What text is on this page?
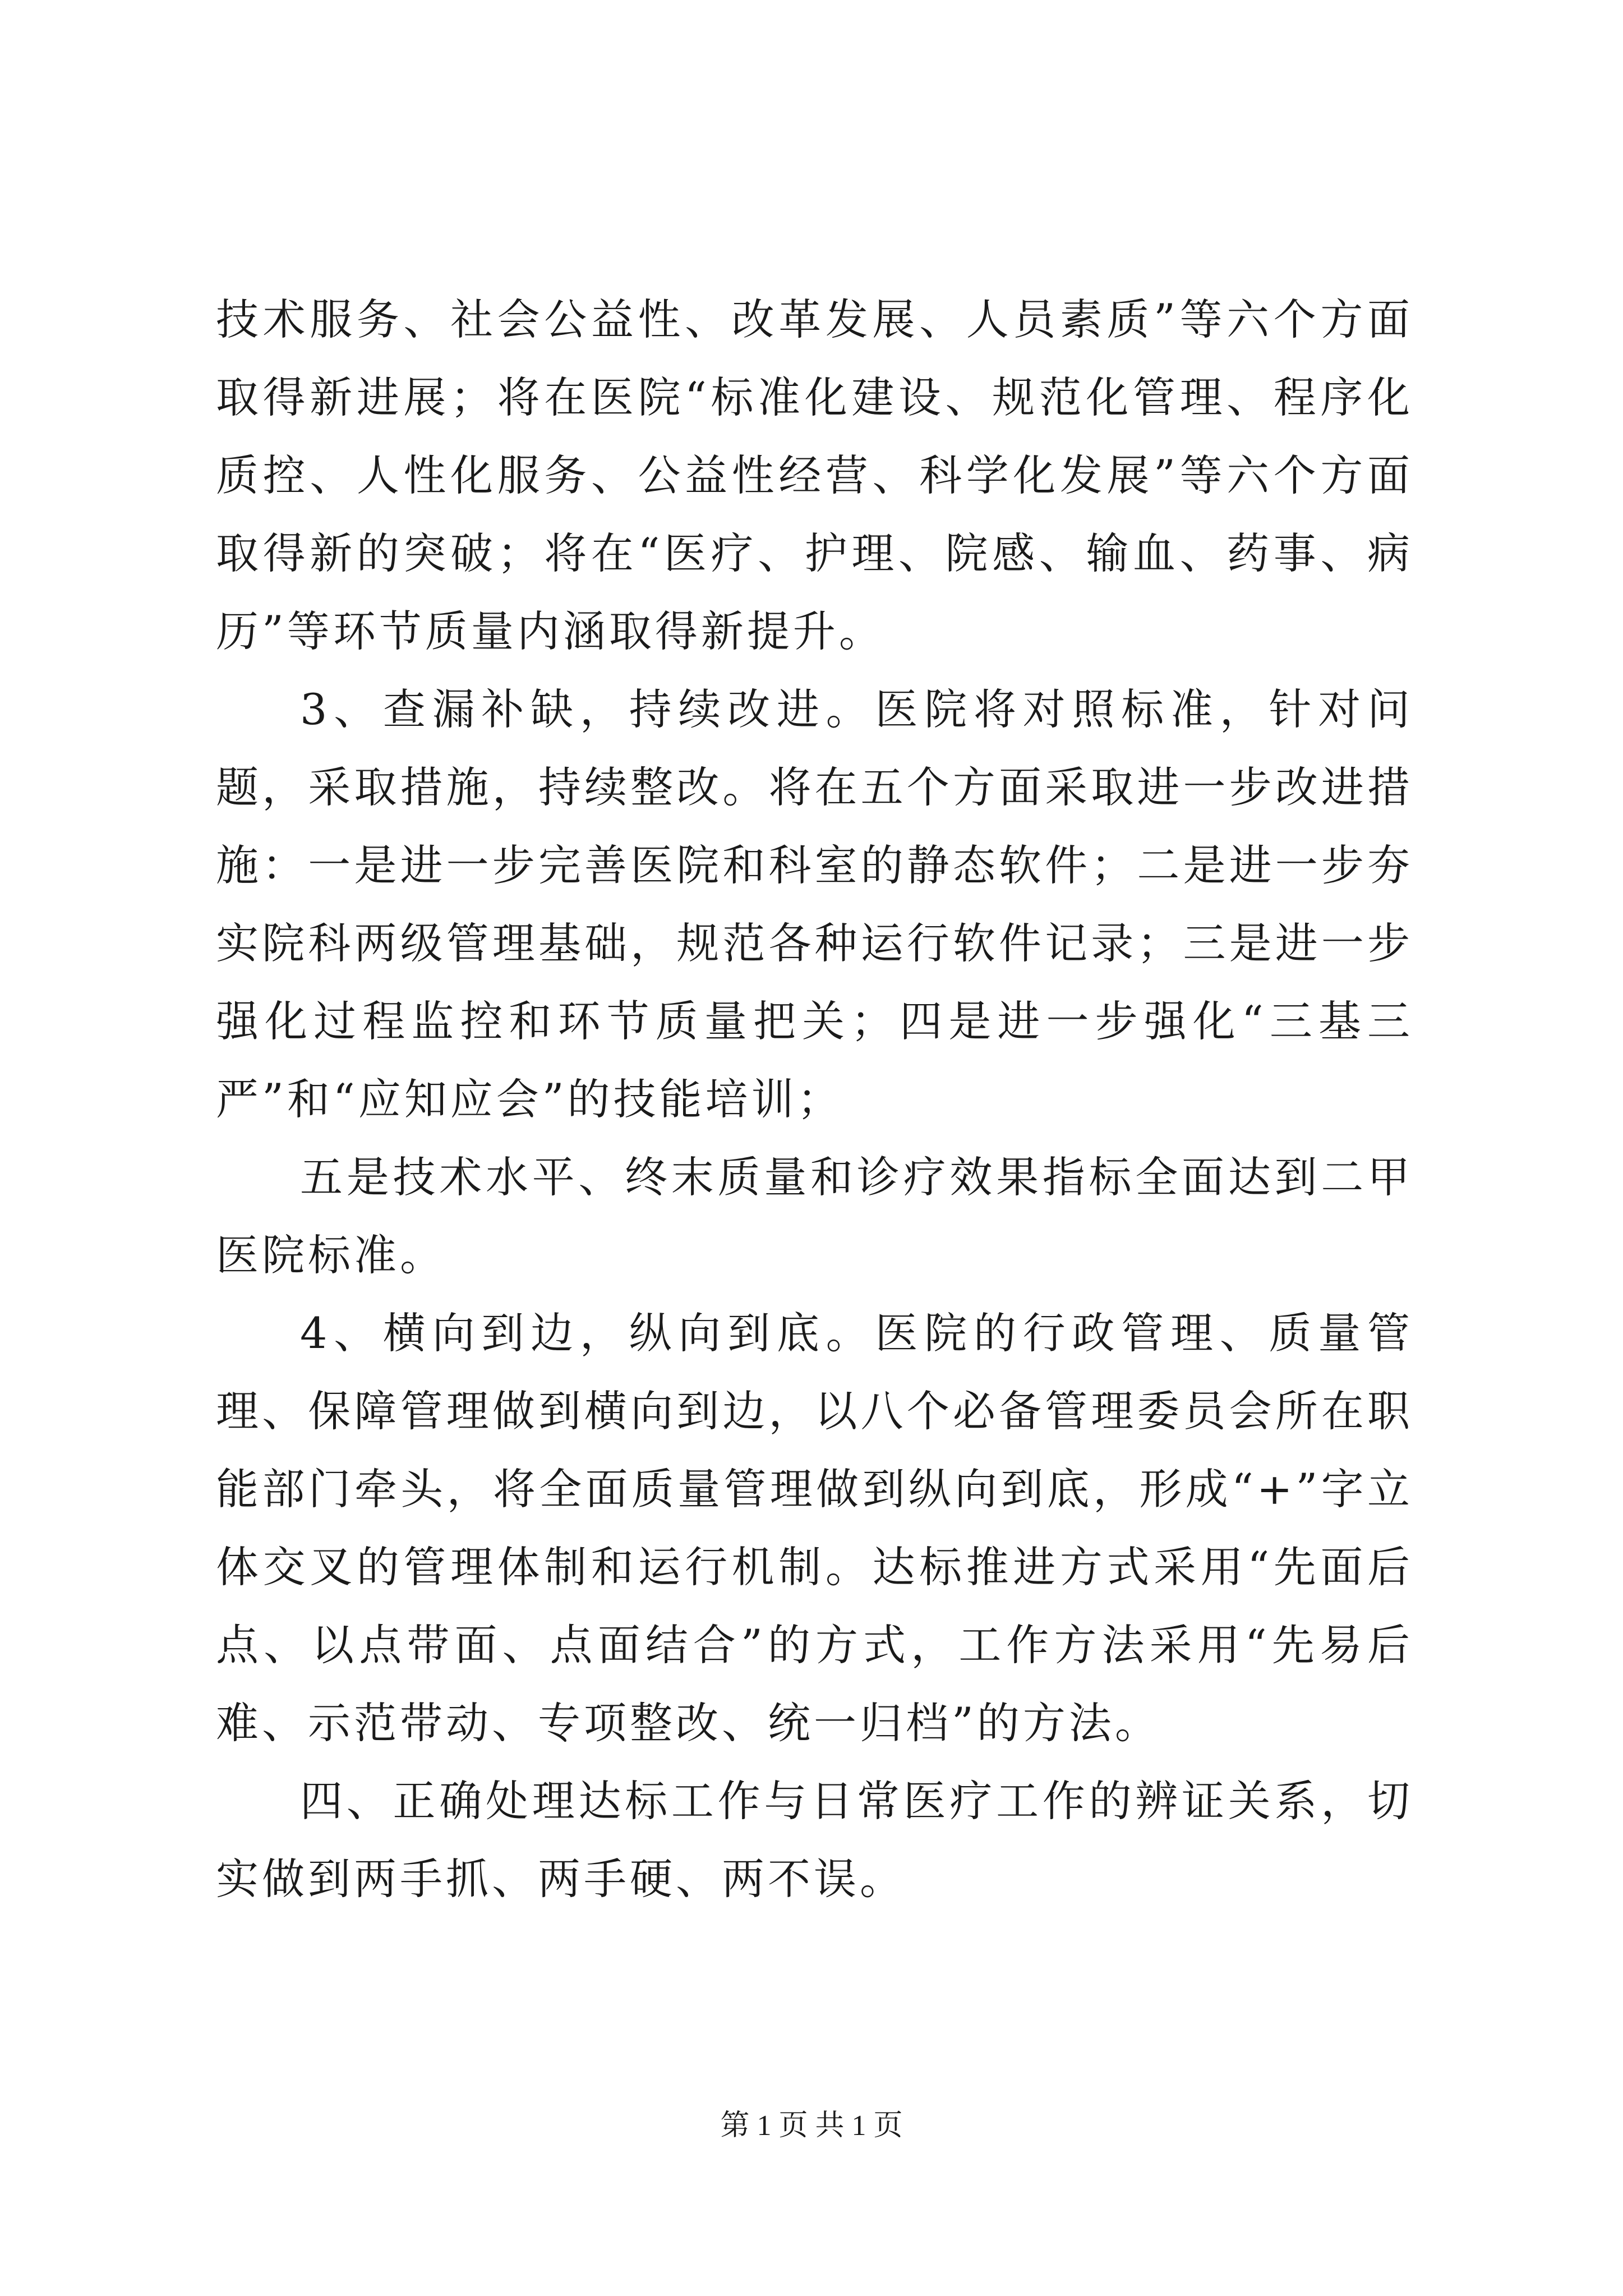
技术服务、社会公益性、改革发展、人员素质”等六个方面取得新进展；将在医院“标准化建设、规范化管理、程序化质控、人性化服务、公益性经营、科学化发展”等六个方面取得新的突破；将在“医疗、护理、院感、输血、药事、病历”等环节质量内涵取得新提升。

3、查漏补缺，持续改进。医院将对照标准，针对问题，采取措施，持续整改。将在五个方面采取进一步改进措施：一是进一步完善医院和科室的静态软件；二是进一步夯实院科两级管理基础，规范各种运行软件记录；三是进一步强化过程监控和环节质量把关；四是进一步强化“三基三严”和“应知应会”的技能培训；

五是技术水平、终末质量和诊疗效果指标全面达到二甲医院标准。

4、横向到边，纵向到底。医院的行政管理、质量管理、保障管理做到横向到边，以八个必备管理委员会所在职能部门牵头，将全面质量管理做到纵向到底，形成“+”字立体交叉的管理体制和运行机制。达标推进方式采用“先面后点、以点带面、点面结合”的方式，工作方法采用“先易后难、示范带动、专项整改、统一归档”的方法。

四、正确处理达标工作与日常医疗工作的辨证关系，切实做到两手抓、两手硬、两不误。

第 1 页 共 1 页
